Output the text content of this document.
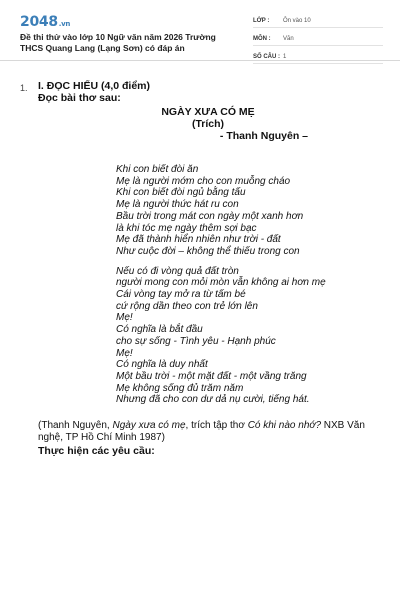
2048.vn
Đề thi thử vào lớp 10 Ngữ văn năm 2026 Trường THCS Quang Lang (Lạng Sơn) có đáp án
LỚP :	Ôn vào 10
MÔN :	Văn
SỐ CÂU : 1
1. I. ĐỌC HIỂU (4,0 điểm)
Đọc bài thơ sau:
NGÀY XƯA CÓ MẸ
(Trích)
- Thanh Nguyên –
Khi con biết đòi ăn
Mẹ là người mớm cho con muỗng cháo
Khi con biết đòi ngủ bằng tấu
Mẹ là người thức hát ru con
Bầu trời trong mát con ngày một xanh hơn
là khi tóc mẹ ngày thêm sợi bạc
Mẹ đã thành hiển nhiên như trời - đất
Như cuộc đời – không thể thiếu trong con
Nếu có đi vòng quả đất tròn
người mong con mỏi mòn vẫn không ai hơn mẹ
Cái vòng tay mở ra từ tấm bé
cứ rộng dần theo con trẻ lớn lên
Mẹ!
Có nghĩa là bắt đầu
cho sự sống - Tình yêu - Hạnh phúc
Mẹ!
Có nghĩa là duy nhất
Một bầu trời - một mặt đất - một vầng trăng
Mẹ không sống đủ trăm năm
Nhưng đã cho con dư dả nụ cười, tiếng hát.
(Thanh Nguyên, Ngày xưa có mẹ, trích tập thơ Có khi nào nhớ? NXB Văn nghệ, TP Hồ Chí Minh 1987)
Thực hiện các yêu cầu:
